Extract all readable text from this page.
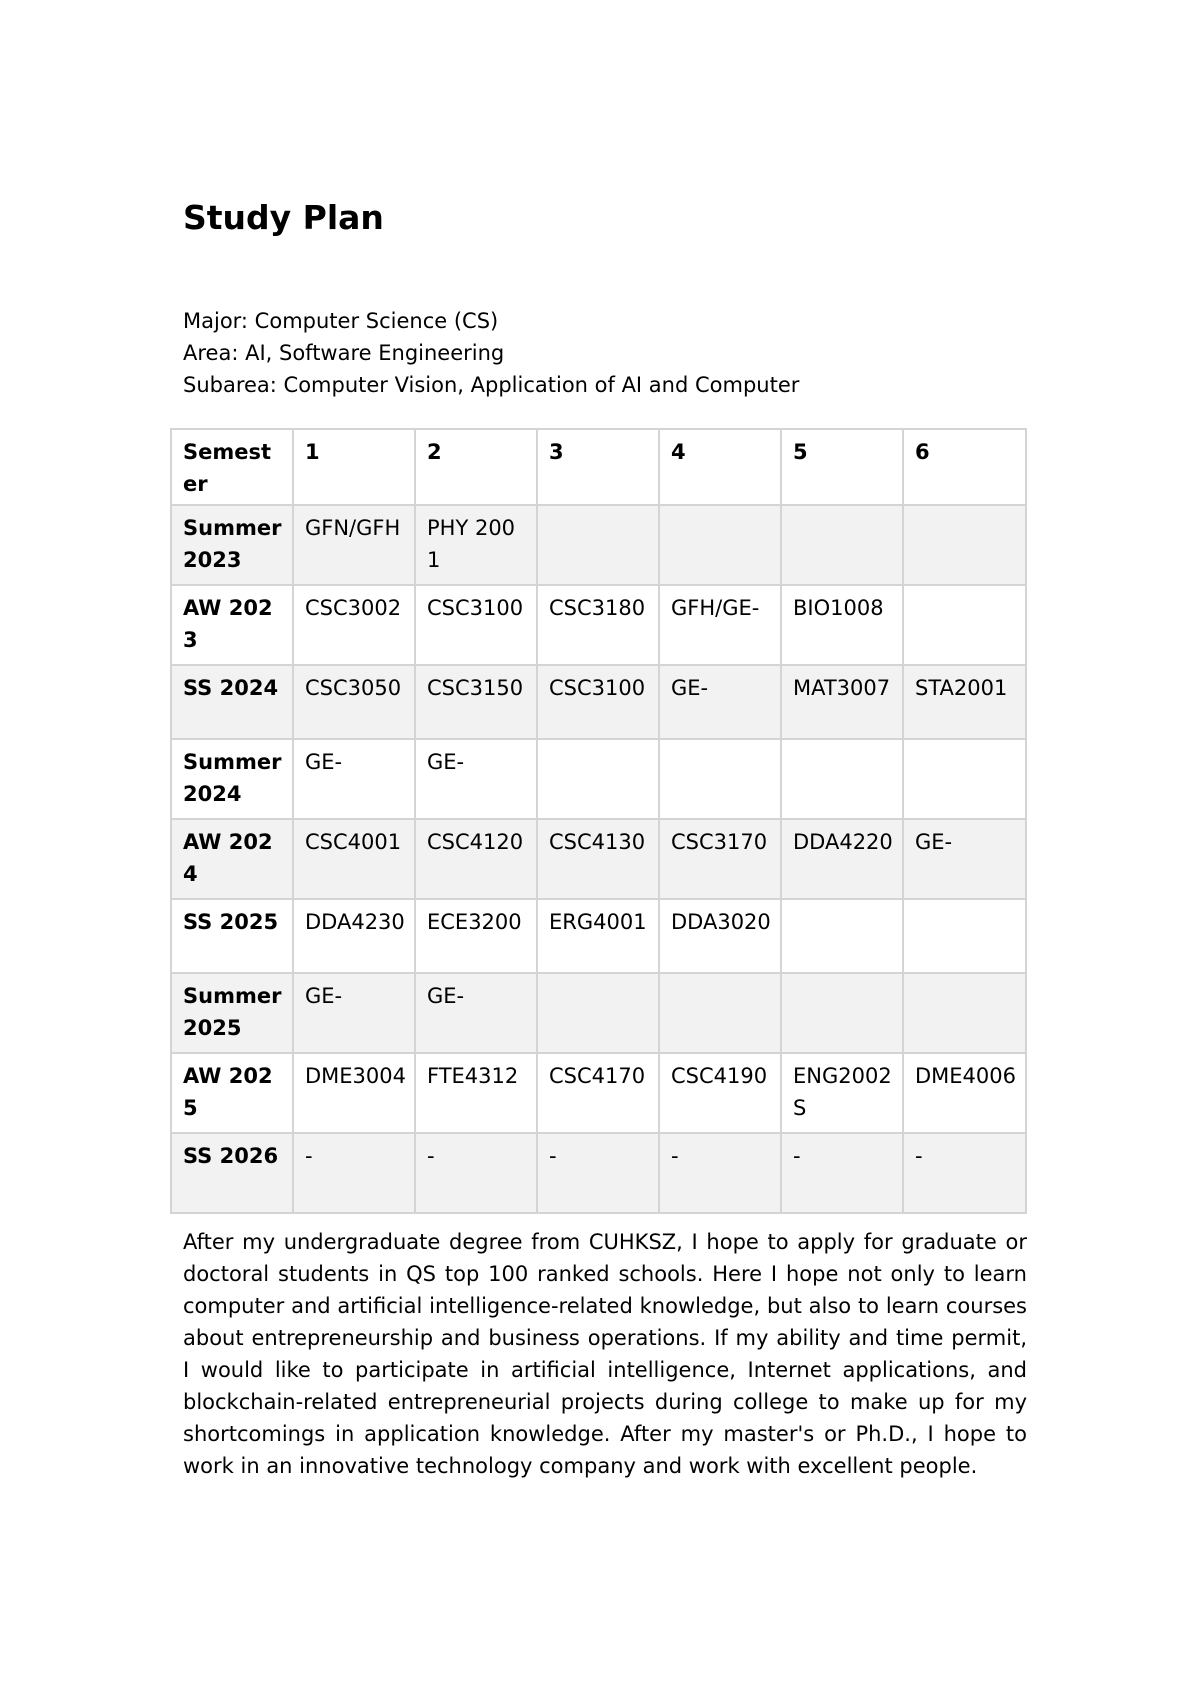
Study Plan
Major: Computer Science (CS)
Area: AI, Software Engineering
Subarea: Computer Vision, Application of AI and Computer
Semester	1	2	3	4	5	6
Summer 2023	GFN/GFH	PHY 2001				
AW 2023	CSC3002	CSC3100	CSC3180	GFH/GE-	BIO1008	
SS 2024	CSC3050	CSC3150	CSC3100	GE-	MAT3007	STA2001
Summer 2024	GE-	GE-				
AW 2024	CSC4001	CSC4120	CSC4130	CSC3170	DDA4220	GE-
SS 2025	DDA4230	ECE3200	ERG4001	DDA3020		
Summer 2025	GE-	GE-				
AW 2025	DME3004	FTE4312	CSC4170	CSC4190	ENG2002S	DME4006
SS 2026	-	-	-	-	-	-

After my undergraduate degree from CUHKSZ, I hope to apply for graduate or doctoral students in QS top 100 ranked schools. Here I hope not only to learn computer and artificial intelligence-related knowledge, but also to learn courses about entrepreneurship and business operations. If my ability and time permit, I would like to participate in artificial intelligence, Internet applications, and blockchain-related entrepreneurial projects during college to make up for my shortcomings in application knowledge. After my master's or Ph.D., I hope to work in an innovative technology company and work with excellent people.
